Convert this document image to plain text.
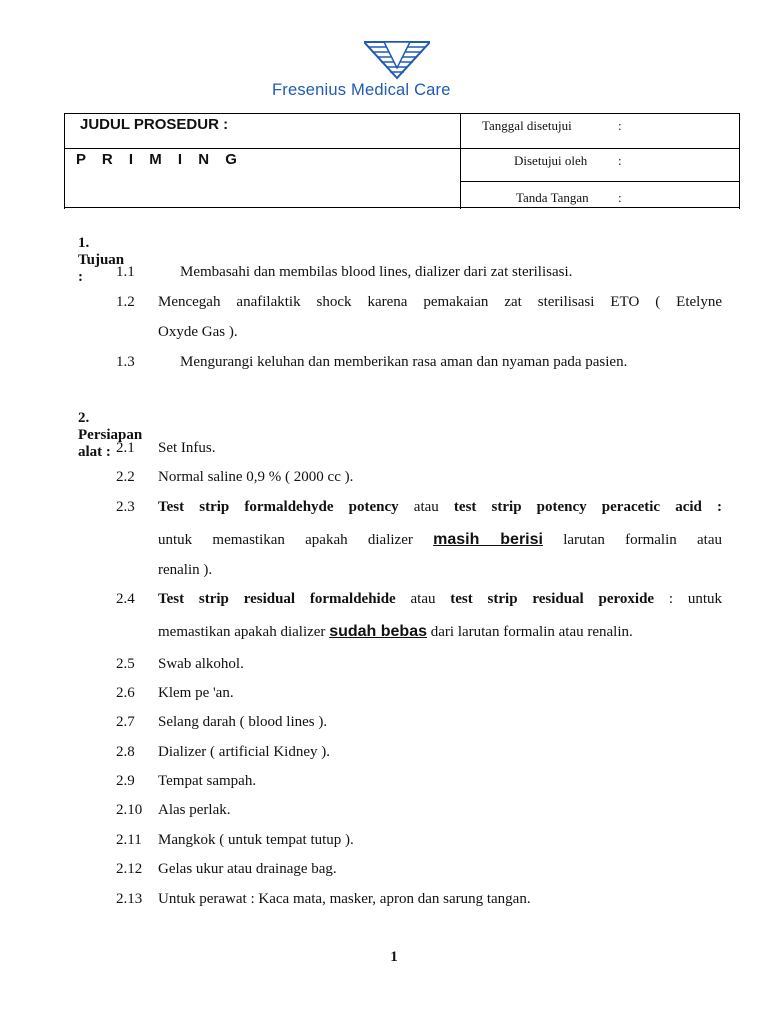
Fresenius Medical Care
JUDUL PROSEDUR :
P R I M I N G
Tanggal disetujui	:
Disetujui oleh :
Tanda Tangan :
1.Tujuan :	1.1	Membasahi dan membilas blood lines, dializer dari zat sterilisasi.
1.2 Mencegah anafilaktik shock karena pemakaian zat sterilisasi ETO ( Etelyne
Oxyde Gas ).
1.3	Mengurangi keluhan dan memberikan rasa aman dan nyaman pada pasien.
2.Persiapan alat : 2.1 Set Infus.
2.2 Normal saline 0,9 % ( 2000 cc ).
2.3 Test strip formaldehyde potency atau test strip potency peracetic acid :
untuk memastikan apakah dializer masih berisi larutan formalin atau
renalin ).
2.4 Test strip residual formaldehide atau test strip residual peroxide : untuk
memastikan apakah dializer sudah bebas dari larutan formalin atau renalin.
2.5 Swab alkohol.
2.6 Klem pe 'an.
2.7 Selang darah ( blood lines ).
2.8 Dializer ( artificial Kidney ).
2.9 Tempat sampah.
2.10 Alas perlak.
2.11 Mangkok ( untuk tempat tutup ).
2.12 Gelas ukur atau drainage bag.
2.13 Untuk perawat : Kaca mata, masker, apron dan sarung tangan.
1
